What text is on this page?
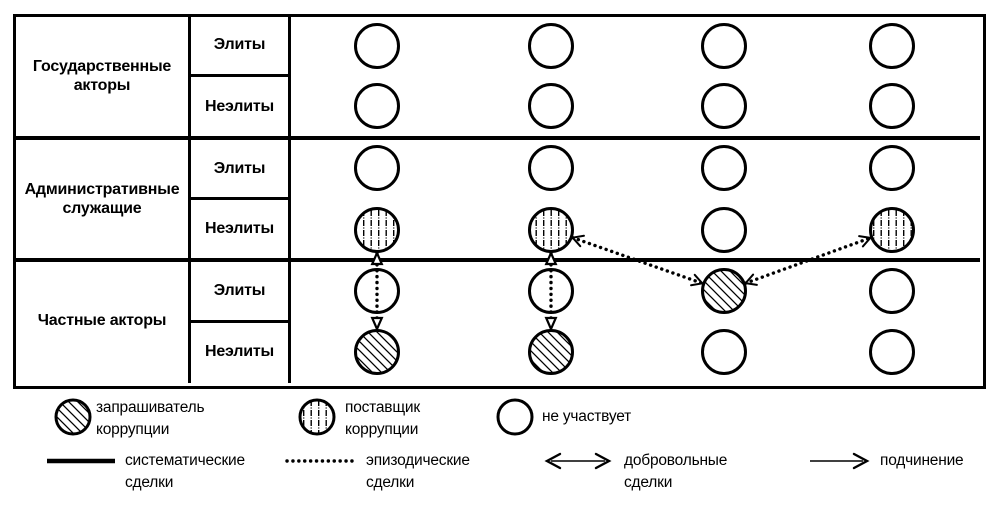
Государственные акторы
Административные служащие
Частные акторы
Элиты
Неэлиты
Элиты
Неэлиты
Элиты
Неэлиты
запрашиватель коррупции
поставщик коррупции
не участвует
систематические сделки
эпизодические сделки
добровольные сделки
подчинение
